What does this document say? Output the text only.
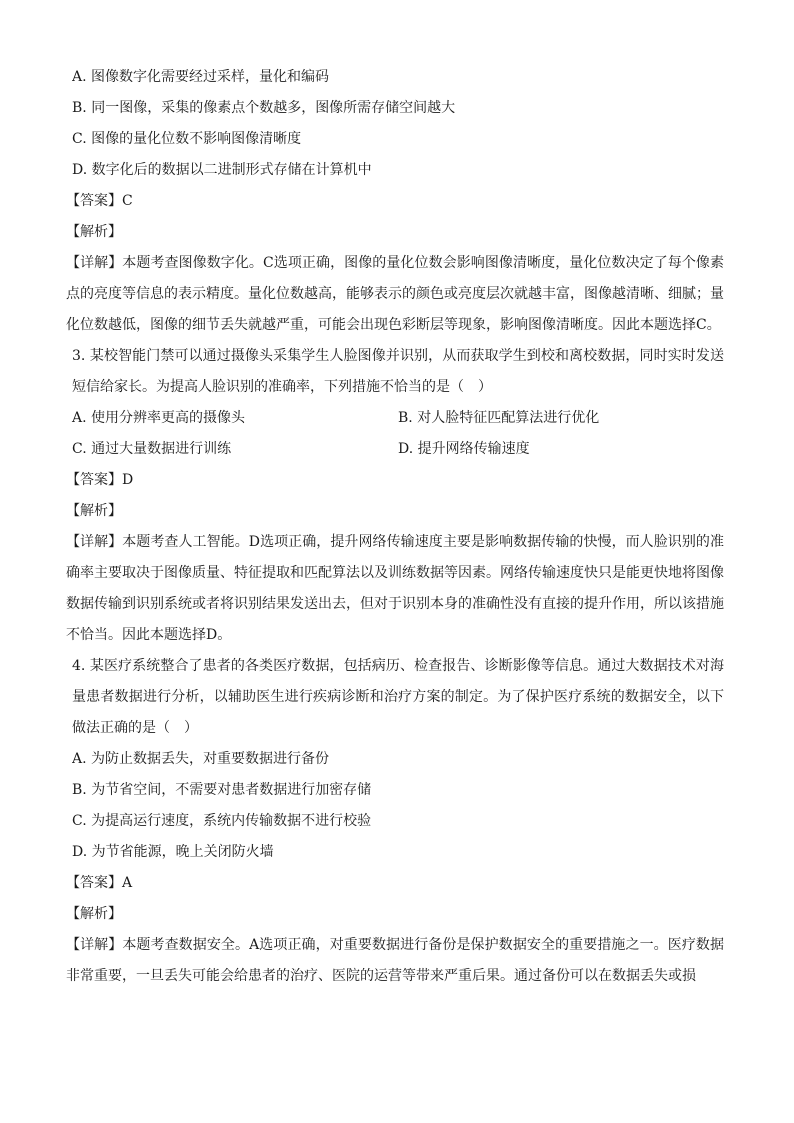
A. 图像数字化需要经过采样，量化和编码
B. 同一图像，采集的像素点个数越多，图像所需存储空间越大
C. 图像的量化位数不影响图像清晰度
D. 数字化后的数据以二进制形式存储在计算机中
【答案】C
【解析】
【详解】本题考查图像数字化。C选项正确，图像的量化位数会影响图像清晰度，量化位数决定了每个像素点的亮度等信息的表示精度。量化位数越高，能够表示的颜色或亮度层次就越丰富，图像越清晰、细腻；量化位数越低，图像的细节丢失就越严重，可能会出现色彩断层等现象，影响图像清晰度。因此本题选择C。
3. 某校智能门禁可以通过摄像头采集学生人脸图像并识别，从而获取学生到校和离校数据，同时实时发送短信给家长。为提高人脸识别的准确率，下列措施不恰当的是（　）
A. 使用分辨率更高的摄像头	B. 对人脸特征匹配算法进行优化
C. 通过大量数据进行训练	D. 提升网络传输速度
【答案】D
【解析】
【详解】本题考查人工智能。D选项正确，提升网络传输速度主要是影响数据传输的快慢，而人脸识别的准确率主要取决于图像质量、特征提取和匹配算法以及训练数据等因素。网络传输速度快只是能更快地将图像数据传输到识别系统或者将识别结果发送出去，但对于识别本身的准确性没有直接的提升作用，所以该措施不恰当。因此本题选择D。
4. 某医疗系统整合了患者的各类医疗数据，包括病历、检查报告、诊断影像等信息。通过大数据技术对海量患者数据进行分析，以辅助医生进行疾病诊断和治疗方案的制定。为了保护医疗系统的数据安全，以下做法正确的是（　）
A. 为防止数据丢失，对重要数据进行备份
B. 为节省空间，不需要对患者数据进行加密存储
C. 为提高运行速度，系统内传输数据不进行校验
D. 为节省能源，晚上关闭防火墙
【答案】A
【解析】
【详解】本题考查数据安全。A选项正确，对重要数据进行备份是保护数据安全的重要措施之一。医疗数据非常重要，一旦丢失可能会给患者的治疗、医院的运营等带来严重后果。通过备份可以在数据丢失或损
